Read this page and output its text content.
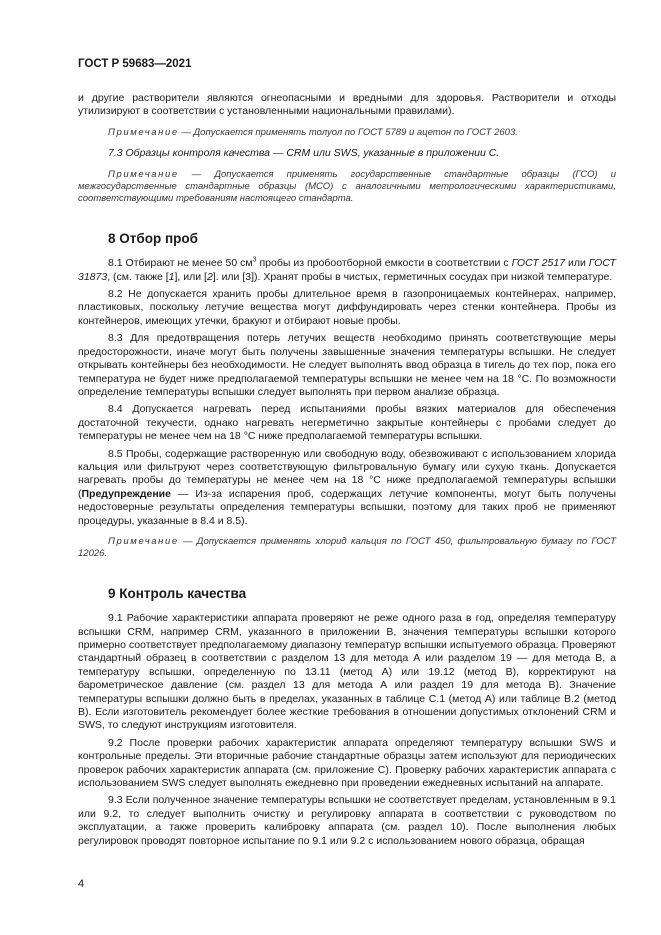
ГОСТ Р 59683—2021

и другие растворители являются огнеопасными и вредными для здоровья. Растворители и отходы утилизируют в соответствии с установленными национальными правилами).

Примечание — Допускается применять толуол по ГОСТ 5789 и ацетон по ГОСТ 2603.

7.3 Образцы контроля качества — CRM или SWS, указанные в приложении С.

Примечание — Допускается применять государственные стандартные образцы (ГСО) и межгосударственные стандартные образцы (МСО) с аналогичными метрологическими характеристиками, соответствующими требованиям настоящего стандарта.

8 Отбор проб

8.1 Отбирают не менее 50 $см^3$ пробы из пробоотборной емкости в соответствии с ГОСТ 2517 или ГОСТ 31873, (см. также [1], или [2]. или [3]). Хранят пробы в чистых, герметичных сосудах при низкой температуре.

8.2 Не допускается хранить пробы длительное время в газопроницаемых контейнерах, например, пластиковых, поскольку летучие вещества могут диффундировать через стенки контейнера. Пробы из контейнеров, имеющих утечки, бракуют и отбирают новые пробы.

8.3 Для предотвращения потерь летучих веществ необходимо принять соответствующие меры предосторожности, иначе могут быть получены завышенные значения температуры вспышки. Не следует открывать контейнеры без необходимости. Не следует выполнять ввод образца в тигель до тех пор, пока его температура не будет ниже предполагаемой температуры вспышки не менее чем на 18 °С. По возможности определение температуры вспышки следует выполнять при первом анализе образца.

8.4 Допускается нагревать перед испытаниями пробы вязких материалов для обеспечения достаточной текучести, однако нагревать негерметично закрытые контейнеры с пробами следует до температуры не менее чем на 18 °С ниже предполагаемой температуры вспышки.

8.5 Пробы, содержащие растворенную или свободную воду, обезвоживают с использованием хлорида кальция или фильтруют через соответствующую фильтровальную бумагу или сухую ткань. Допускается нагревать пробы до температуры не менее чем на 18 °С ниже предполагаемой температуры вспышки (Предупреждение — Из-за испарения проб, содержащих летучие компоненты, могут быть получены недостоверные результаты определения температуры вспышки, поэтому для таких проб не применяют процедуры, указанные в 8.4 и 8.5).

Примечание — Допускается применять хлорид кальция по ГОСТ 450, фильтровальную бумагу по ГОСТ 12026.

9 Контроль качества

9.1 Рабочие характеристики аппарата проверяют не реже одного раза в год, определяя температуру вспышки CRM, например CRM, указанного в приложении В, значения температуры вспышки которого примерно соответствует предполагаемому диапазону температур вспышки испытуемого образца. Проверяют стандартный образец в соответствии с разделом 13 для метода А или разделом 19 — для метода В, а температуру вспышки, определенную по 13.11 (метод А) или 19.12 (метод В), корректируют на барометрическое давление (см. раздел 13 для метода А или раздел 19 для метода В). Значение температуры вспышки должно быть в пределах, указанных в таблице С.1 (метод А) или таблице В.2 (метод В). Если изготовитель рекомендует более жесткие требования в отношении допустимых отклонений CRM и SWS, то следуют инструкциям изготовителя.

9.2 После проверки рабочих характеристик аппарата определяют температуру вспышки SWS и контрольные пределы. Эти вторичные рабочие стандартные образцы затем используют для периодических проверок рабочих характеристик аппарата (см. приложение С). Проверку рабочих характеристик аппарата с использованием SWS следует выполнять ежедневно при проведении ежедневных испытаний на аппарате.

9.3 Если полученное значение температуры вспышки не соответствует пределам, установленным в 9.1 или 9.2, то следует выполнить очистку и регулировку аппарата в соответствии с руководством по эксплуатации, а также проверить калибровку аппарата (см. раздел 10). После выполнения любых регулировок проводят повторное испытание по 9.1 или 9.2 с использованием нового образца, обращая

4
